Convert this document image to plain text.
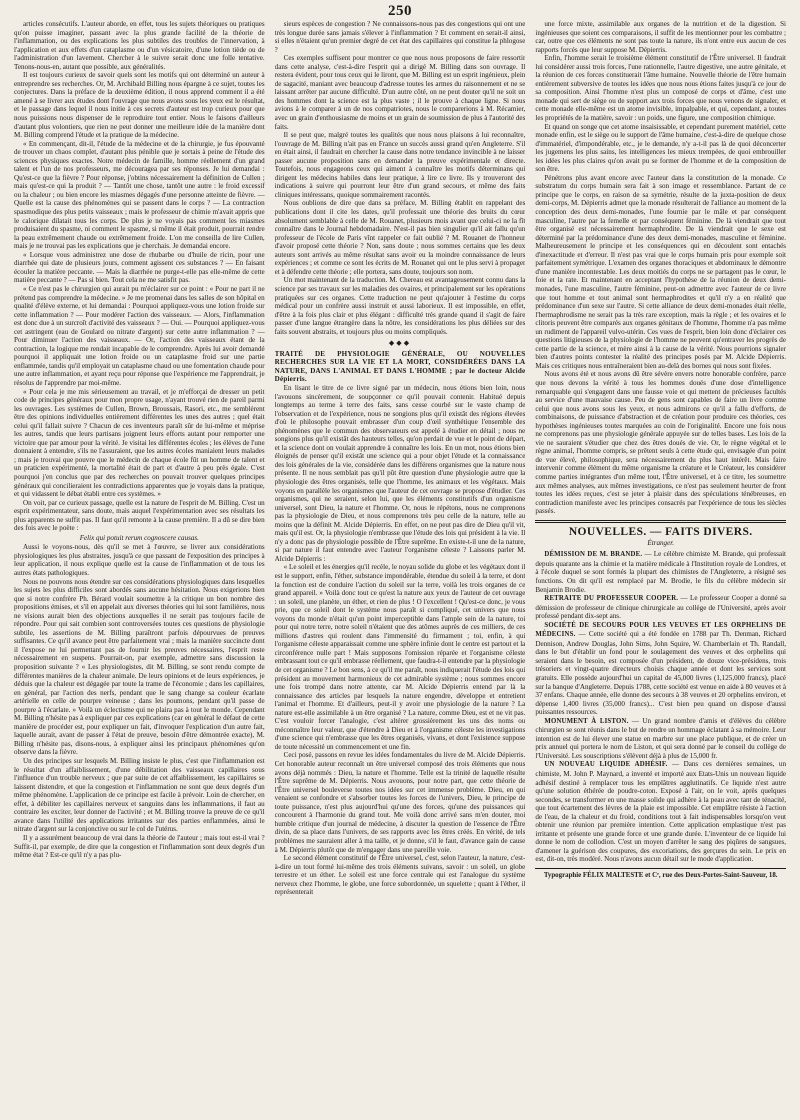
250

articles consécutifs. L'auteur aborde, en effet, tous les sujets théoriques ou pratiques qu'on puisse imaginer, passant avec la plus grande facilité de la théorie de l'inflammation, ou des explications les plus subtiles des troubles de l'innervation, à l'application et aux effets d'un cataplasme ou d'un vésicatoire, d'une lotion tiède ou de l'administration d'un lavement. Chercher à le suivre serait donc une folle tentative. Tenons-nous-en, autant que possible, aux généralités.

Il est toujours curieux de savoir quels sont les motifs qui ont déterminé un auteur à entreprendre ses recherches. Or, M. Archibald Billing nous épargne à ce sujet, toutes les conjectures. Dans la préface de la deuxième édition, il nous apprend comment il a été amené à se livrer aux études dont l'ouvrage que nous avons sous les yeux est le résultat, et le passage dans lequel il nous initie à ces secrets d'auteur est trop curieux pour que nous puissions nous dispenser de le reproduire tout entier. Nous le faisons d'ailleurs d'autant plus volontiers, que rien ne peut donner une meilleure idée de la manière dont M. Billing comprend l'étude et la pratique de la médecine.

« En commençant, dit-il, l'étude de la médecine et de la chirurgie, je fus épouvanté de trouver un chaos complet, d'autant plus pénible que je sortais à peine de l'étude des sciences physiques exactes. Notre médecin de famille, homme réellement d'un grand talent et l'un de nos professeurs, me découragea par ses réponses. Je lui demandai : Qu'est-ce que la fièvre ? Pour réponse, j'obtins nécessairement la définition de Cullen ; mais qu'est-ce qui la produit ? — Tantôt une chose, tantôt une autre : le froid excessif ou la chaleur ; ou bien encore les miasmes dégagés d'une personne atteinte de fièvre. — Quelle est la cause des phénomènes qui se passent dans le corps ? — La contraction spasmodique des plus petits vaisseaux ; mais le professeur de chimie m'avait appris que le calorique dilatait tous les corps. De plus je ne voyais pas comment les miasmes produisaient du spasme, ni comment le spasme, si même il était produit, pourrait rendre la peau extrêmement chaude ou extrêmement froide. L'on me conseilla de lire Cullen, mais je ne trouvai pas les explications que je cherchais. Je demandai encore.

« Lorsque vous administrez une dose de rhubarbe ou d'huile de ricin, pour une diarrhée qui date de plusieurs jours, comment agissent ces substances ? — En faisant écouler la matière peccante. — Mais la diarrhée ne purge-t-elle pas elle-même de cette matière peccante ? — Pas si bien. Tout cela ne me satisfit pas.

« Ce n'est pas le chirurgien qui aurait pu m'éclairer sur ce point : « Pour ne part il ne prétend pas comprendre la médecine. » Je me promenai dans les salles de son hôpital en qualité d'élève externe, et lui demandai : Pourquoi appliquez-vous une lotion froide sur cette inflammation ? — Pour modérer l'action des vaisseaux. — Alors, l'inflammation est donc due à un surcroît d'activité des vaisseaux ? — Oui. — Pourquoi appliquez-vous cet astringent (eau de Goulard ou nitrate d'argent) sur cette autre inflammation ? — Pour diminuer l'action des vaisseaux. — Or, l'action des vaisseaux étant de la contraction, la logique me rendait incapable de le comprendre. Après lui avoir demandé pourquoi il appliquait une lotion froide ou un cataplasme froid sur une partie enflammée, tandis qu'il employait un cataplasme chaud ou une fomentation chaude pour une autre inflammation, et ayant reçu pour réponse que l'expérience me l'apprendrait, je résolus de l'apprendre par moi-même.

« Pour cela je me mis sérieusement au travail, et je m'efforçai de dresser un petit code de principes généraux pour mon propre usage, n'ayant trouvé rien de pareil parmi les ouvrages. Les systèmes de Cullen, Brown, Broussais, Rasori, etc., me semblèrent être des opinions individuelles entièrement différentes les unes des autres ; quel était celui qu'il fallait suivre ? Chacun de ces inventeurs paraît sûr de lui-même et méprise les autres, tandis que leurs partisans joignent leurs efforts autant pour remporter une victoire que par amour pour la vérité. Je visitai les différentes écoles ; les élèves de l'une donnaient à entendre, s'ils ne l'assuraient, que les autres écoles maniaient leurs malades ; mais je trouvai que pouvre que le médecin de chaque école fût un homme de talent et un praticien expérimenté, la mortalité était de part et d'autre à peu près égale. C'est pourquoi j'en conclus que par des recherches on pouvait trouver quelques principes généraux qui concilieraient les contradictions apparentes que je voyais dans la pratique, et qui vidassent le débat établi entre ces systèmes. »

On voit, par ce curieux passage, quelle est la nature de l'esprit de M. Billing. C'est un esprit expérimentateur, sans doute, mais auquel l'expérimentation avec ses résultats les plus apparents ne suffit pas. Il faut qu'il remonte à la cause première. Il a dû se dire bien des fois avec le poète :

Felix qui potuit rerum cognoscere causas.

Aussi le voyons-nous, dès qu'il se met à l'œuvre, se livrer aux considérations physiologiques les plus abstraites, jusqu'à ce que passant de l'exposition des principes à leur application, il nous explique quelle est la cause de l'inflammation et de tous les autres états pathologiques.

Nous ne pouvons nous étendre sur ces considérations physiologiques dans lesquelles les sujets les plus difficiles sont abordés sans aucune hésitation. Nous exigerions bien que si notre confrère Ph. Bérard voulait soumettre à la critique un bon nombre des propositions émises, et s'il en appelait aux diverses théories qui lui sont familières, nous ne visions aurait bien des objections auxquelles il ne serait pas toujours facile de répondre. Pour qui sait combien sont controversées toutes ces questions de physiologie subtile, les assertions de M. Billing paraîtront parfois dépourvues de preuves suffisantes. Ce qu'il avance peut être parfaitement vrai ; mais la manière succincte dont il l'expose ne lui permettant pas de fournir les preuves nécessaires, l'esprit reste nécessairement en suspens. Pourrait-on, par exemple, admettre sans discussion la proposition suivante ? « Les physiologistes, dit M. Billing, se sont rendu compte de différentes manières de la chaleur animale. De leurs opinions et de leurs expériences, je déduis que la chaleur est dégagée par toute la trame de l'économie ; dans les capillaires, en général, par l'action des nerfs, pendant que le sang change sa couleur écarlate artérielle en celle de pourpre veineuse ; dans les poumons, pendant qu'il passe de pourpre à l'écarlate. » Voilà un éclectisme qui ne plaira pas à tout le monde. Cependant M. Billing n'hésite pas à expliquer par ces explications (car en général le défaut de cette manière de procéder est, pour expliquer un fait, d'invoquer l'explication d'un autre fait, laquelle aurait, avant de passer à l'état de preuve, besoin d'être démontrée exacte), M. Billing n'hésite pas, disons-nous, à expliquer ainsi les principaux phénomènes qu'on observe dans la fièvre.

Un des principes sur lesquels M. Billing insiste le plus, c'est que l'inflammation est le résultat d'un affaiblissement, d'une débilitation des vaisseaux capillaires sous l'influence d'un trouble nerveux ; que par suite de cet affaiblissement, les capillaires se laissent distendre, et que la congestion et l'inflammation ne sont que deux degrés d'un même phénomène. L'application de ce principe est facile à prévoir. Loin de chercher, en effet, à débiliter les capillaires nerveux et sanguins dans les inflammations, il faut au contraire les exciter, leur donner de l'activité ; et M. Billing trouve la preuve de ce qu'il avance dans l'utilité des applications irritantes sur des parties enflammées, ainsi le nitrate d'argent sur la conjonctive ou sur le col de l'utérus.

Il y a assurément beaucoup de vrai dans la théorie de l'auteur ; mais tout est-il vrai ? Suffit-il, par exemple, de dire que la congestion et l'inflammation sont deux degrés d'un même état ? Est-ce qu'il n'y a pas plu-

sieurs espèces de congestion ? Ne connaissons-nous pas des congestions qui ont une très longue durée sans jamais s'élever à l'inflammation ? Et comment en serait-il ainsi, si elles n'étaient qu'un premier degré de cet état des capillaires qui constitue la phlogose ?

Ces exemples suffisent pour montrer ce que nous nous proposons de faire ressortir dans cette analyse, c'est-à-dire l'esprit qui a dirigé M. Billing dans son ouvrage. Il restera évident, pour tous ceux qui le liront, que M. Billing est un esprit ingénieux, plein de sagacité, maniant avec beaucoup d'adresse toutes les armes du raisonnement et ne se laissant arrêter par aucune difficulté. D'un autre côté, on ne peut douter qu'il ne soit un des hommes dont la science est la plus vaste ; il le prouve à chaque ligne. Si nous avions à le comparer à un de nos compatriotes, nous le comparerions à M. Récamier, avec un grain d'enthousiasme de moins et un grain de soumission de plus à l'autorité des faits.

Il se peut que, malgré toutes les qualités que nous nous plaisons à lui reconnaître, l'ouvrage de M. Billing n'ait pas en France un succès aussi grand qu'en Angleterre. S'il en était ainsi, il faudrait en chercher la cause dans notre tendance invincible à ne laisser passer aucune proposition sans en demander la preuve expérimentale et directe. Toutefois, nous engageons ceux qui aiment à connaître les motifs déterminans qui dirigent les médecins habiles dans leur pratique, à lire ce livre. Ils y trouveront des indications à suivre qui pourront leur être d'un grand secours, et même des faits cliniques intéressans, quoique sommairement racontés.

Nous oublions de dire que dans sa préface, M. Billing établit en rappelant des publications dont il cite les dates, qu'il professait une théorie des bruits du cœur absolument semblable à celle de M. Rouanet, plusieurs mois avant que celui-ci ne la fît connaître dans le Journal hebdomadaire. N'est-il pas bien singulier qu'il ait fallu qu'un professeur de l'école de Paris vînt rappeler ce fait oublié ? M. Rouanet de l'honneur d'avoir proposé cette théorie ? Non, sans doute ; nous sommes certains que les deux auteurs sont arrivés au même résultat sans avoir eu la moindre connaissance de leurs expériences ; et comme ce sont les écrits de M. Rouanet qui ont le plus servi à propager et à défendre cette théorie ; elle portera, sans doute, toujours son nom.

Un mot maintenant de la traduction. M. Chereau est avantageusement connu dans la science par ses travaux sur les maladies des ovaires, et principalement sur les opérations pratiquées sur ces organes. Cette traduction ne peut qu'ajouter à l'estime du corps médical pour un confrère aussi instruit et aussi laborieux. Il est impossible, en effet, d'être à la fois plus clair et plus élégant : difficulté très grande quand il s'agit de faire passer d'une langue étrangère dans la nôtre, les considérations les plus déliées sur des faits souvent abstraits, et toujours plus ou moins compliqués.

◆◆◆

TRAITÉ DE PHYSIOLOGIE GÉNÉRALE, OU NOUVELLES RECHERCHES SUR LA VIE ET LA MORT, CONSIDÉRÉES DANS LA NATURE, DANS L'ANIMAL ET DANS L'HOMME ; par le docteur Alcide Dépierris.

En lisant le titre de ce livre signé par un médecin, nous étions bien loin, nous l'avouons sincèrement, de soupçonner ce qu'il pouvait contenir. Habitué depuis longtemps au terme à terre des faits, sans cesse courbé sur le vaste champ de l'observation et de l'expérience, nous ne songions plus qu'il existât des régions élevées d'où le philosophe pouvait embrasser d'un coup d'œil synthétique l'ensemble des phénomènes que le commun des observateurs est appelé à étudier en détail ; nous ne songions plus qu'il existât des hauteurs telles, qu'on perdait de vue et le point de départ, et la science dont on voulait apprendre à connaître les lois. En un mot, nous étions bien éloignés de penser qu'il existât une science qui a pour objet l'étude et la connaissance des lois générales de la vie, considérée dans les différens organismes que la nature nous présente. Il ne nous semblait pas qu'il pût être question d'une physiologie autre que la physiologie des êtres organisés, telle que l'homme, les animaux et les végétaux. Mais voyons en parallèle les organismes que l'auteur de cet ouvrage se propose d'étudier. Ces organismes, qui ne seraient, selon lui, que les éléments constitutifs d'un organisme universel, sont Dieu, la nature et l'homme. Or, nous le répétons, nous ne comprenons pas la physiologie de Dieu, et nous comprenons très peu celle de la nature, telle au moins que la définit M. Alcide Dépierris. En effet, on ne peut pas dire de Dieu qu'il vit, mais qu'il est. Or, la physiologie n'embrasse que l'étude des lois qui président à la vie. Il n'y a donc pas de physiologie possible de l'Être suprême. En existe-t-il une de la nature, si par nature il faut entendre avec l'auteur l'organisme céleste ? Laissons parler M. Alcide Dépierris :

« Le soleil et les énergies qu'il recèle, le noyau solide du globe et les végétaux dont il est le support, enfin, l'éther, substance impondérable, étendue du soleil à la terre, et dont la fonction est de conduire l'action du soleil sur la terre, voilà les trois organes de ce grand appareil. » Voilà donc tout ce qu'est la nature aux yeux de l'auteur de cet ouvrage : un soleil, une planète, un éther, et rien de plus ! O l'excellent ! Qu'est-ce donc, je vous prie, que ce soleil dont le système nous paraît si compliqué, cet univers que nous voyons du monde n'était qu'un point imperceptible dans l'ample sein de la nature, toi pour qui notre terre, notre soleil n'étaient que des atômes auprès de ces milliers, de ces millions d'astres qui roulent dans l'immensité du firmament ; toi, enfin, à qui l'organisme céleste apparaissait comme une sphère infinie dont le centre est partout et la circonférence nulle part ! Mais supposons l'omission réparée et l'organisme céleste embrassant tout ce qu'il embrasse réellement, que faudra-t-il entendre par la physiologie de cet organisme ? Le bon sens, à ce qu'il me paraît, nous indiquerait l'étude des lois qui président au mouvement harmonieux de cet admirable système ; nous sommes encore une fois trompé dans notre attente, car M. Alcide Dépierris entend par là la connaissance des articles par lesquels la nature engendre, développe et entretient l'animal et l'homme. Et d'ailleurs, peut-il y avoir une physiologie de la nature ? La nature est-elle assimilable à un être organisé ? La nature, comme Dieu, est et ne vit pas. C'est vouloir forcer l'analogie, c'est altérer grossièrement les uns des noms ou méconnaître leur valeur, que d'étendre à Dieu et à l'organisme céleste les investigations d'une science qui n'embrasse que les êtres organisés, vivans, et dont l'existence suppose de toute nécessité un commencement et une fin.

Ceci posé, passons en revue les idées fondamentales du livre de M. Alcide Dépierris. Cet honorable auteur reconnaît un être universel composé des trois éléments que nous avons déjà nommés : Dieu, la nature et l'homme. Telle est la trinité de laquelle résulte l'Être suprême de M. Dépierris. Nous avouons, pour notre part, que cette théorie de l'Être universel bouleverse toutes nos idées sur cet immense problème. Dieu, en qui venaient se confondre et s'absorber toutes les forces de l'univers, Dieu, le principe de toute puissance, n'est plus aujourd'hui qu'une des forces, qu'une des puissances qui concourent à l'harmonie du grand tout. Me voilà donc arrivé sans m'en douter, moi humble critique d'un journal de médecine, à discuter la question de l'essence de l'Être divin, de sa place dans l'univers, de ses rapports avec les êtres créés. En vérité, de tels problèmes me sauraient aller à ma taille, et je donne, s'il le faut, d'avance gain de cause à M. Dépierris plutôt que de m'engager dans une pareille voie.

Le second élément constitutif de l'Être universel, c'est, selon l'auteur, la nature, c'est-à-dire un tout formé lui-même des trois éléments suivans, savoir : un soleil, un globe terrestre et un éther. Le soleil est une force centrale qui est l'analogue du système nerveux chez l'homme, le globe, une force subordonnée, un squelette ; quant à l'éther, il représenterait

une force mixte, assimilable aux organes de la nutrition et de la digestion. Si ingénieuses que soient ces comparaisons, il suffit de les mentionner pour les combattre ; car, outre que ces éléments ne sont pas toute la nature, ils n'ont entre eux aucun de ces rapports forcés que leur suppose M. Dépierris.

Enfin, l'homme serait le troisième élément constitutif de l'Être universel. Il faudrait lui considérer aussi trois forces, l'une rationnelle, l'autre digestive, une autre génitale, et la réunion de ces forces constituerait l'âme humaine. Nouvelle théorie de l'être humain entièrement subversive de toutes les idées que nous nous étions faites jusqu'à ce jour de sa composition. Ainsi l'homme n'est plus un composé de corps et d'âme, c'est une monade qui sert de siège ou de support aux trois forces que nous venons de signaler, et cette monade elle-même est un atome invisible, impalpable, et qui, cependant, a toutes les propriétés de la matière, savoir : un poids, une figure, une composition chimique.

Et quand on songe que cet atome insaisissable, et cependant purement matériel, cette monade enfin, est le siège ou le support de l'âme humaine, c'est-à-dire de quelque chose d'immatériel, d'impondérable, etc., je le demande, n'y a-t-il pas là de quoi déconcerter les jugemens les plus sains, les intelligences les mieux trempées, de quoi embrouiller les idées les plus claires qu'on avait pu se former de l'homme et de la composition de son être.

Pénétrons plus avant encore avec l'auteur dans la constitution de la monade. Ce substratum du corps humain sera fait à son image et ressemblance. Partant de ce principe que le corps, en raison de sa symétrie, résulte de la juxta-position de deux demi-corps, M. Dépierris admet que la monade résulterait de l'alliance au moment de la conception des deux demi-monades, l'une fournie par le mâle et par conséquent masculine, l'autre par la femelle et par conséquent féminine. De là viendrait que tout être organisé est nécessairement hermaphrodite. De là viendrait que le sexe est déterminé par la prédominance d'une des deux demi-monades, masculine et féminine. Malheureusement le principe et les conséquences qui en découlent sont entachés d'inexactitude et d'erreur. Il n'est pas vrai que le corps humain pris pour exemple soit parfaitement symétrique. L'examen des organes thoraciques et abdominaux le démontre d'une manière incontestable. Les deux moitiés du corps ne se partagent pas le cœur, le foie et la rate. Et maintenant en acceptant l'hypothèse de la réunion de deux demi-monades, l'une masculine, l'autre féminine, peut-on admettre avec l'auteur de ce livre que tout homme et tout animal sont hermaphrodites et qu'il n'y a en réalité que prédominance d'un sexe sur l'autre. Si cette alliance de deux demi-monades était réelle, l'hermaphrodisme ne serait pas la très rare exception, mais la règle ; et les ovaires et le clitoris peuvent être comparés aux organes génitaux de l'homme, l'homme n'a pas même un rudiment de l'appareil vulvo-utérin. Ces vues de l'esprit, bien loin donc d'éclairer ces questions litigieuses de la physiologie de l'homme ne peuvent qu'entraver les progrès de cette partie de la science, et mère ainsi à la cause de la vérité. Nous pourrions signaler bien d'autres points contester la réalité des principes posés par M. Alcide Dépierris. Mais ces critiques nous entraîneraient bien au-delà des bornes qui nous sont fixées.

Nous avons été et nous avons dû être sévère envers notre honorable confrère, parce que nous devons la vérité à tous les hommes doués d'une dose d'intelligence remarquable qui s'engagent dans une fausse voie et qui mettent de précieuses facultés au service d'une mauvaise cause. Peu de gens sont capables de faire un livre comme celui que nous avons sous les yeux, et nous admirons ce qu'il a fallu d'efforts, de combinaisons, de puissance d'abstraction et de création pour produire ces théories, ces hypothèses ingénieuses toutes marquées au coin de l'originalité. Encore une fois nous ne comprenons pas une physiologie générale appuyée sur de telles bases. Les lois de la vie ne sauraient s'étudier que chez des êtres doués de vie. Or, le règne végétal et le règne animal, l'homme compris, se prêtent seuls à cette étude qui, envisagée d'un point de vue élevé, philosophique, sera nécessairement du plus haut intérêt. Mais faire intervenir comme élément du même organisme la créature et le Créateur, les considérer comme parties intégrantes d'un même tout, l'Être universel, et à ce titre, les soumettre aux mêmes analyses, aux mêmes investigations, ce n'est pas seulement heurter de front toutes les idées reçues, c'est se jeter à plaisir dans des spéculations ténébreuses, en contradiction manifeste avec les principes consacrés par l'expérience de tous les siècles passés.

NOUVELLES. — FAITS DIVERS.
Étranger.

DÉMISSION DE M. BRANDE. — Le célèbre chimiste M. Brande, qui professait depuis quarante ans la chimie et la matière médicale à l'Institution royale de Londres, et à l'école duquel se sont formés la plupart des chimistes de l'Angleterre, a résigné ses fonctions. On dit qu'il est remplacé par M. Brodie, le fils du célèbre médecin sir Benjamin Brodie.

RETRAITE DU PROFESSEUR COOPER. — Le professeur Cooper a donné sa démission de professeur de clinique chirurgicale au collège de l'Université, après avoir professé pendant dix-sept ans.

SOCIÉTÉ DE SECOURS POUR LES VEUVES ET LES ORPHELINS DE MÉDECINS. — Cette société qui a été fondée en 1788 par Th. Denman, Richard Dennison, Andrew Douglas, John Sims, John Squire, W. Chamberlain et Th. Randall, dans le but d'établir un fond pour le soulagement des veuves et des orphelins qui seraient dans le besoin, est composée d'un président, de douze vice-présidens, trois trésoriers et vingt-quatre directeurs choisis chaque année et dont les services sont gratuits. Elle possède aujourd'hui un capital de 45,000 livres (1,125,000 francs), placé sur la banque d'Angleterre. Depuis 1788, cette société est venue en aide à 80 veuves et à 37 enfans. Chaque année, elle donne des secours à 38 veuves et 20 orphelins environ, et dépense 1,400 livres (35,000 francs)... C'est bien peu quand on dispose d'aussi puissantes ressources.

MONUMENT À LISTON. — Un grand nombre d'amis et d'élèves du célèbre chirurgien se sont réunis dans le but de rendre un hommage éclatant à sa mémoire. Leur intention est de lui élever une statue en marbre sur une place publique, et de créer un prix annuel qui portera le nom de Liston, et qui sera donné par le conseil du collège de l'Université. Les souscriptions s'élèvent déjà à plus de 15,000 fr.

UN NOUVEAU LIQUIDE ADHÉSIF. — Dans ces dernières semaines, un chimiste, M. John P. Maynard, a inventé et importé aux Etats-Unis un nouveau liquide adhésif destiné à remplacer tous les emplâtres agglutinatifs. Ce liquide n'est autre qu'une solution éthérée de poudre-coton. Exposé à l'air, on le voit, après quelques secondes, se transformer en une masse solide qui adhère à la peau avec tant de ténacité, que tout écartement des lèvres de la plaie est impossible. Cet emplâtre résiste à l'action de l'eau, de la chaleur et du froid, conditions tout à fait indispensables lorsqu'on veut obtenir une réunion par première intention. Cette application emplastique n'est pas irritante et présente une grande force et une grande durée. L'inventeur de ce liquide lui donne le nom de collodion. C'est un moyen d'arrêter le sang des piqûres de sangsues, d'amener la guérison des coupures, des excoriations, des gerçures du sein. Le prix en est, dit-on, très modéré. Nous n'avons aucun détail sur le mode d'application.

Typographie FÉLIX MALTESTE et Cᵉ, rue des Deux-Portes-Saint-Sauveur, 18.
